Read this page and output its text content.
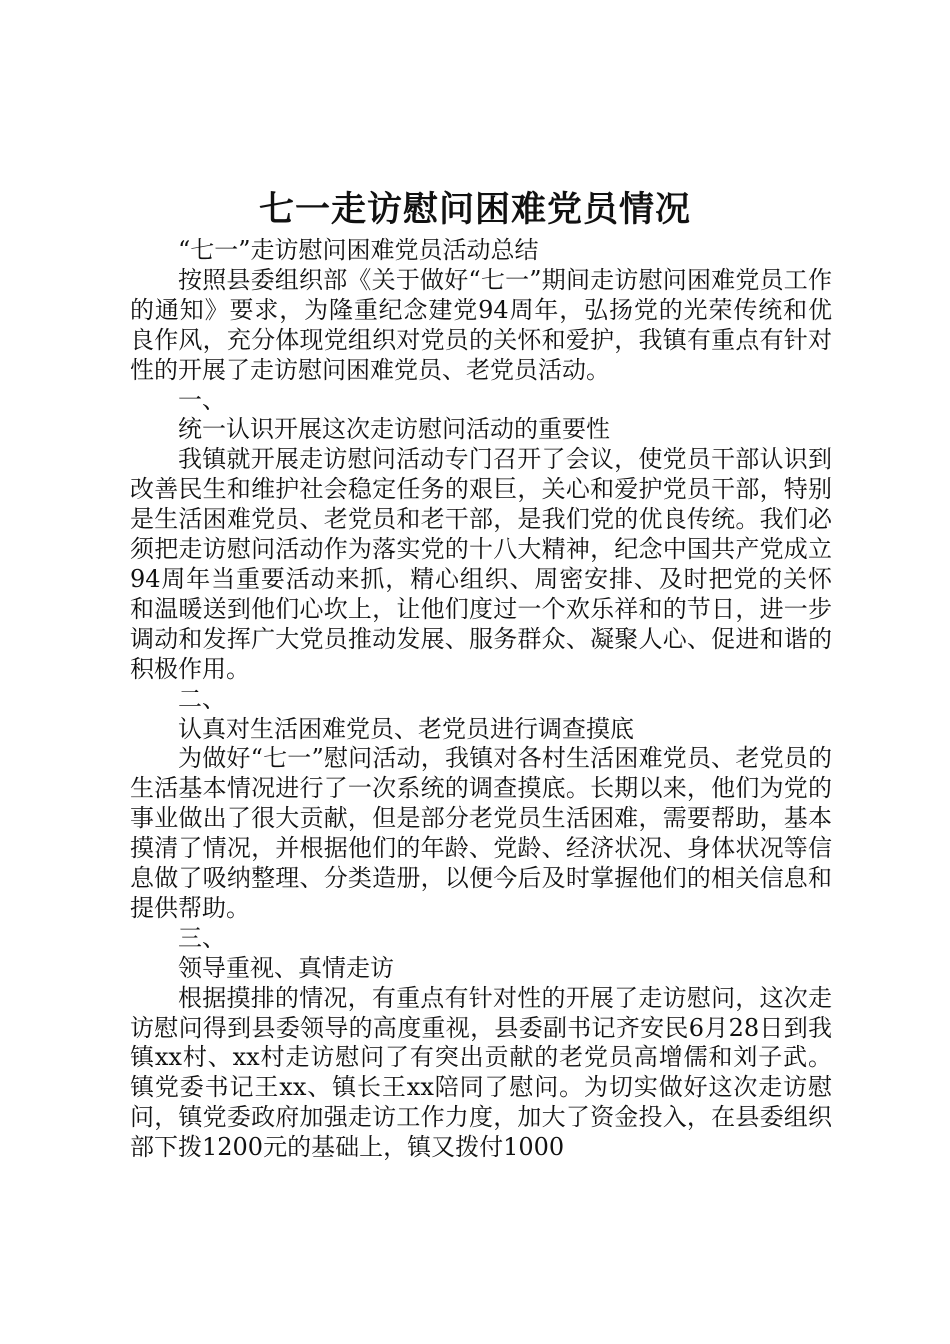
七一走访慰问困难党员情况

“七一”走访慰问困难党员活动总结

按照县委组织部《关于做好“七一”期间走访慰问困难党员工作的通知》要求，为隆重纪念建党94周年，弘扬党的光荣传统和优良作风，充分体现党组织对党员的关怀和爱护，我镇有重点有针对性的开展了走访慰问困难党员、老党员活动。

一、

统一认识开展这次走访慰问活动的重要性

我镇就开展走访慰问活动专门召开了会议，使党员干部认识到改善民生和维护社会稳定任务的艰巨，关心和爱护党员干部，特别是生活困难党员、老党员和老干部，是我们党的优良传统。我们必须把走访慰问活动作为落实党的十八大精神，纪念中国共产党成立94周年当重要活动来抓，精心组织、周密安排、及时把党的关怀和温暖送到他们心坎上，让他们度过一个欢乐祥和的节日，进一步调动和发挥广大党员推动发展、服务群众、凝聚人心、促进和谐的积极作用。

二、

认真对生活困难党员、老党员进行调查摸底

为做好“七一”慰问活动，我镇对各村生活困难党员、老党员的生活基本情况进行了一次系统的调查摸底。长期以来，他们为党的事业做出了很大贡献，但是部分老党员生活困难，需要帮助，基本摸清了情况，并根据他们的年龄、党龄、经济状况、身体状况等信息做了吸纳整理、分类造册，以便今后及时掌握他们的相关信息和提供帮助。

三、

领导重视、真情走访

根据摸排的情况，有重点有针对性的开展了走访慰问，这次走访慰问得到县委领导的高度重视，县委副书记齐安民6月28日到我镇xx村、xx村走访慰问了有突出贡献的老党员高增儒和刘子武。镇党委书记王xx、镇长王xx陪同了慰问。为切实做好这次走访慰问，镇党委政府加强走访工作力度，加大了资金投入，在县委组织部下拨1200元的基础上，镇又拨付1000
